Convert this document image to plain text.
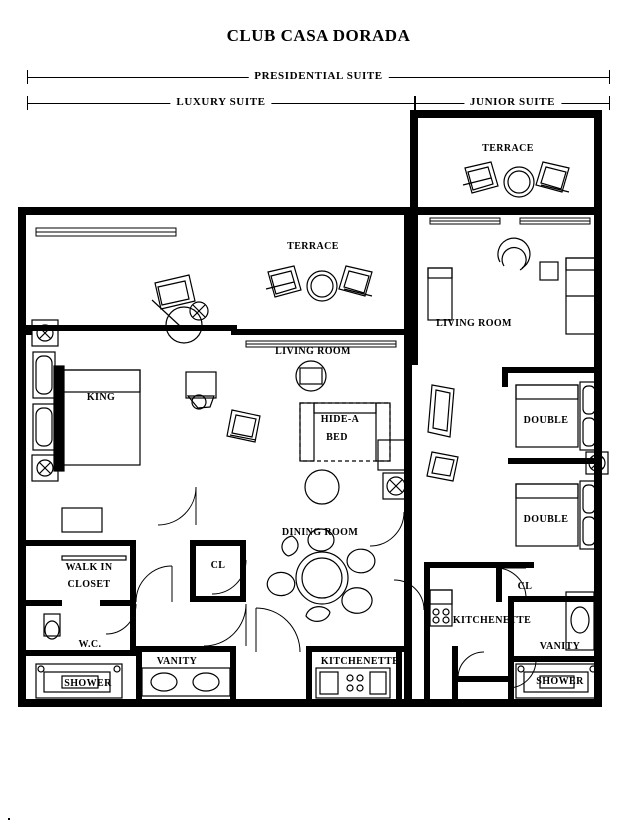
CLUB CASA DORADA
PRESIDENTIAL SUITE
LUXURY SUITE	JUNIOR SUITE
TERRACE
TERRACE
LIVING ROOM
LIVING ROOM
KING
HIDE-A
BED
DOUBLE
DOUBLE
DINING ROOM
WALK IN
CLOSET
CL
CL
KITCHENETTE
VANITY
W.C.
VANITY	KITCHENETTE
SHOWER	SHOWER
